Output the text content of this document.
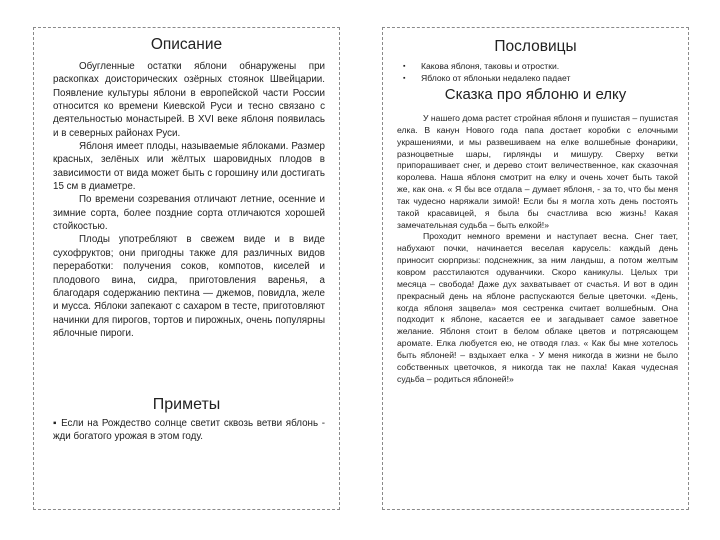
Описание

Обугленные остатки яблони обнаружены при раскопках доисторических озёрных стоянок Швейцарии. Появление культуры яблони в европейской части России относится ко времени Киевской Руси и тесно связано с деятельностью монастырей. В XVI веке яблоня появилась и в северных районах Руси.

Яблоня имеет плоды, называемые яблоками. Размер красных, зелёных или жёлтых шаровидных плодов в зависимости от вида может быть с горошину или достигать 15 см в диаметре.

По времени созревания отличают летние, осенние и зимние сорта, более поздние сорта отличаются хорошей стойкостью.

Плоды употребляют в свежем виде и в виде сухофруктов; они пригодны также для различных видов переработки: получения соков, компотов, киселей и плодового вина, сидра, приготовления варенья, а благодаря содержанию пектина — джемов, повидла, желе и мусса. Яблоки запекают с сахаром в тесте, приготовляют начинки для пирогов, тортов и пирожных, очень популярны яблочные пироги.

Приметы

▪ Если на Рождество солнце светит сквозь ветви яблонь - жди богатого урожая в этом году.

Пословицы
▪ Какова яблоня, таковы и отростки.
▪ Яблоко от яблоньки недалеко падает
Сказка про яблоню и елку

У нашего дома растет стройная яблоня и пушистая – пушистая елка. В канун Нового года папа достает коробки с елочными украшениями, и мы развешиваем на елке волшебные фонарики, разноцветные шары, гирлянды и мишуру. Сверху ветки припорашивает снег, и дерево стоит величественное, как сказочная королева. Наша яблоня смотрит на елку и очень хочет быть такой же, как она. « Я бы все отдала – думает яблоня, - за то, что бы меня так чудесно наряжали зимой! Если бы я могла хоть день постоять такой красавицей, я была бы счастлива всю жизнь! Какая замечательная судьба – быть елкой!»

Проходит немного времени и наступает весна. Снег тает, набухают почки, начинается веселая карусель: каждый день приносит сюрпризы: подснежник, за ним ландыш, а потом желтым ковром расстилаются одуванчики. Скоро каникулы. Целых три месяца – свобода! Даже дух захватывает от счастья. И вот в один прекрасный день на яблоне распускаются белые цветочки. «День, когда яблоня зацвела» моя сестренка считает волшебным. Она подходит к яблоне, касается ее и загадывает самое заветное желание. Яблоня стоит в белом облаке цветов и потрясающем аромате. Елка любуется ею, не отводя глаз. « Как бы мне хотелось быть яблоней! – вздыхает елка - У меня никогда в жизни не было собственных цветочков, я никогда так не пахла! Какая чудесная судьба – родиться яблоней!»
